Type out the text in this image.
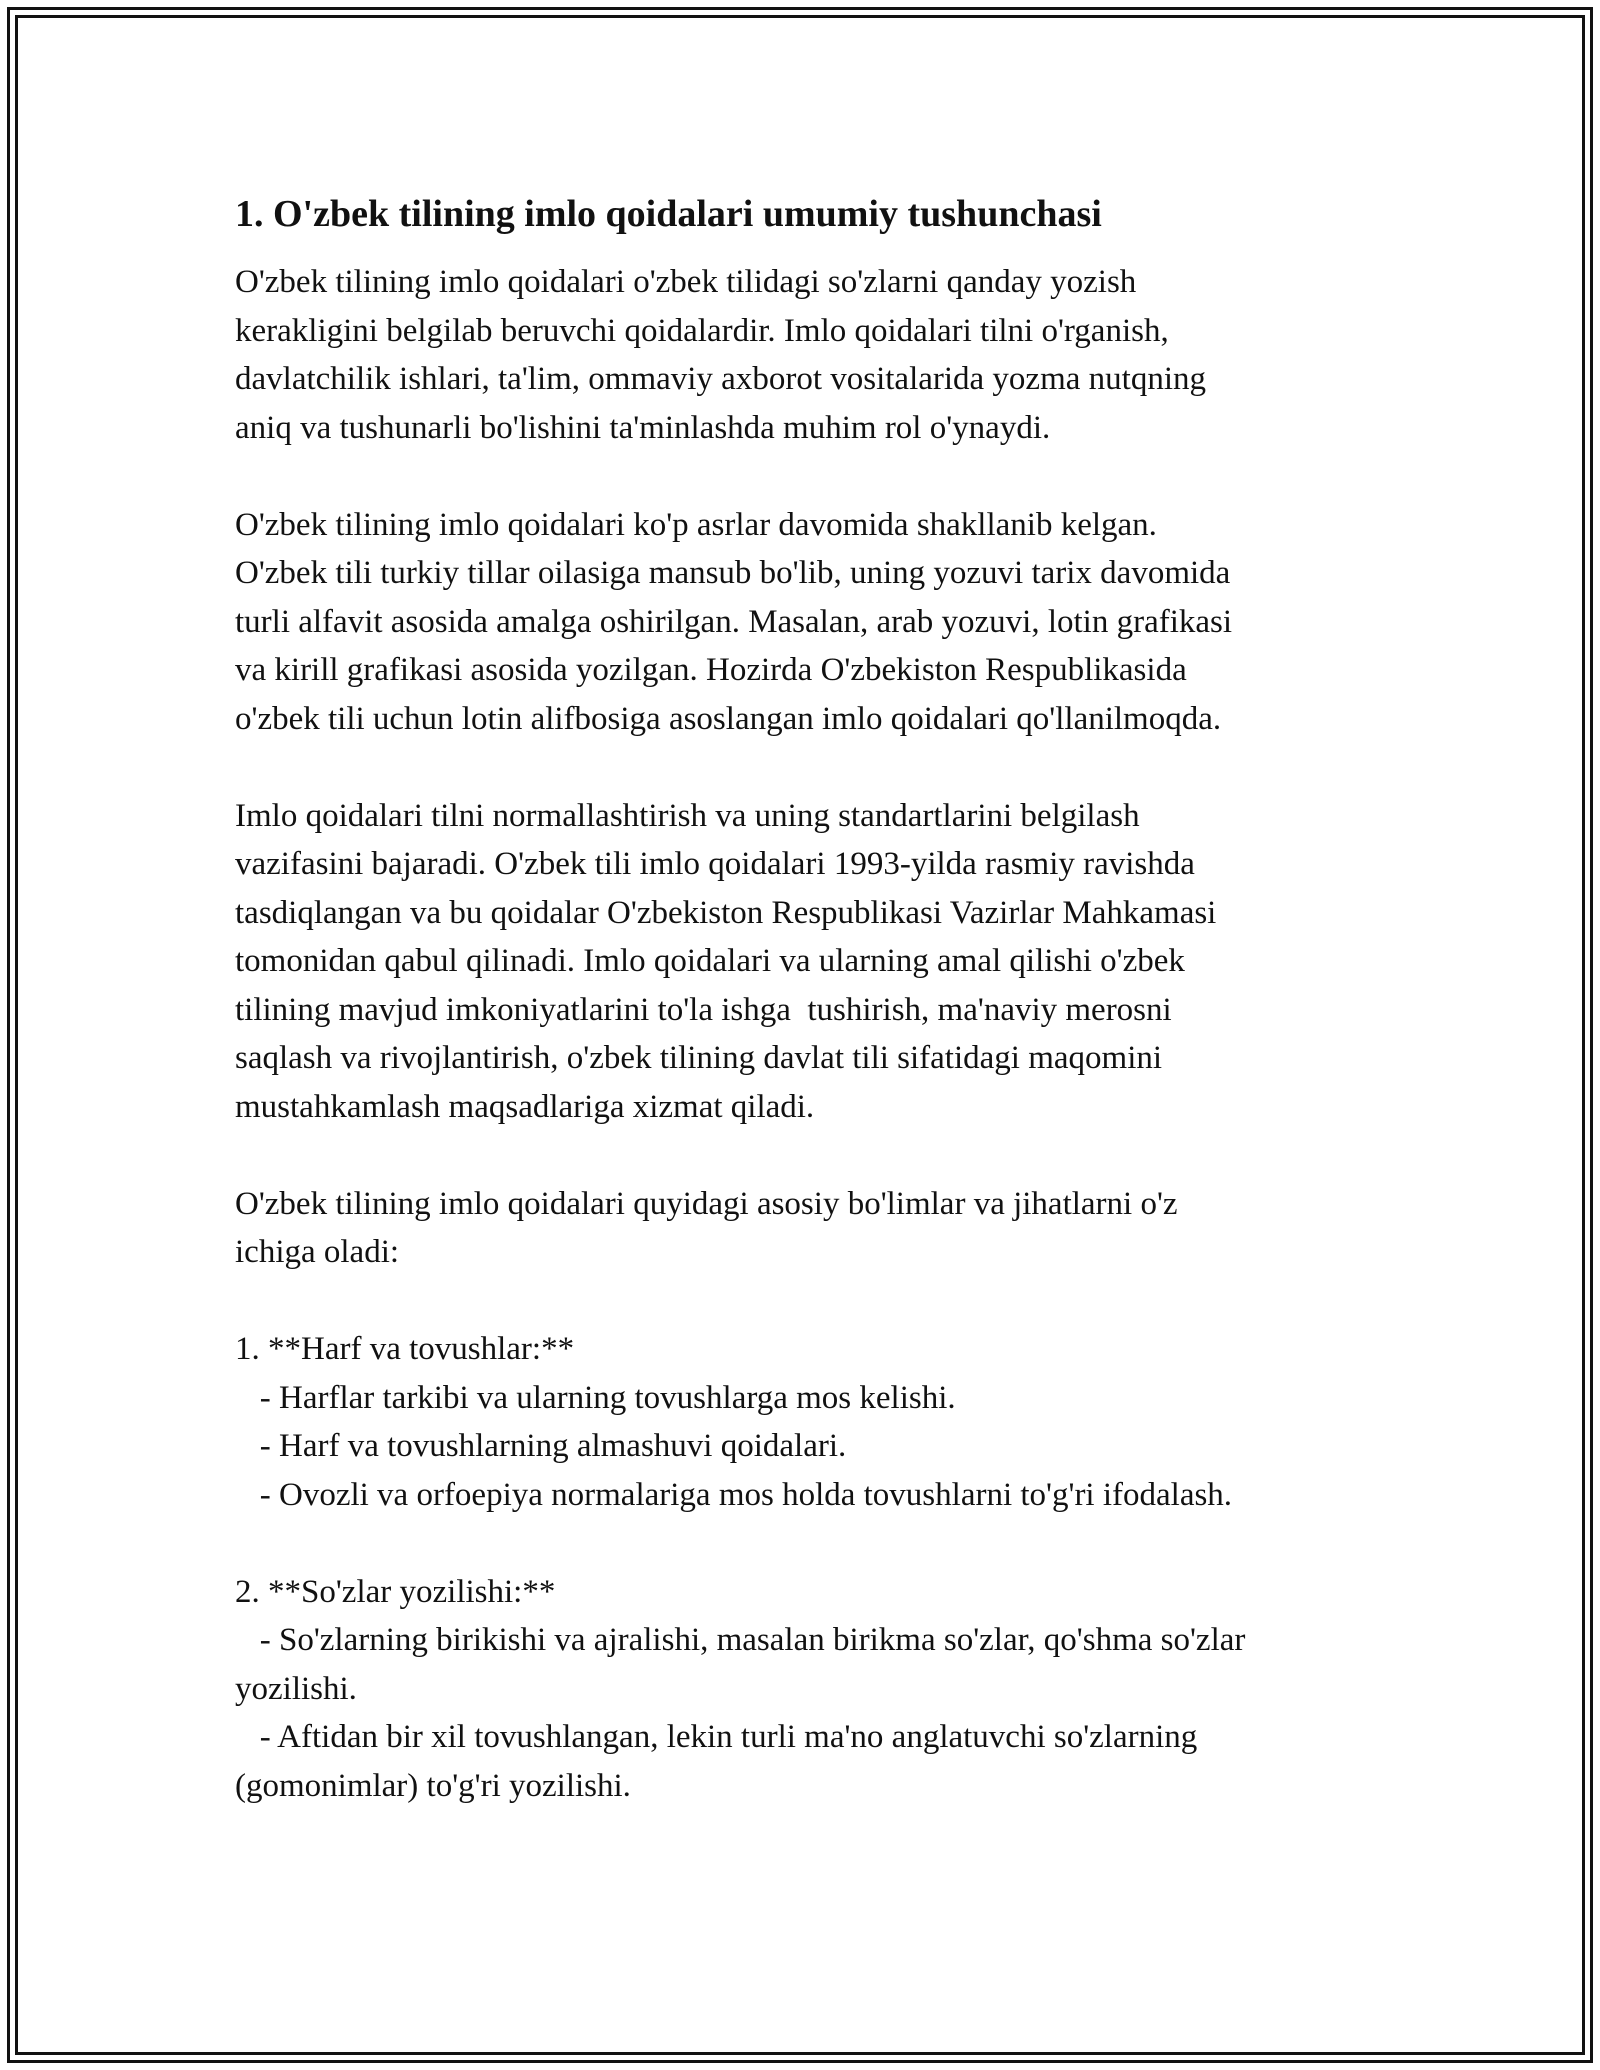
1. O'zbek tilining imlo qoidalari umumiy tushunchasi
O'zbek tilining imlo qoidalari o'zbek tilidagi so'zlarni qanday yozish
kerakligini belgilab beruvchi qoidalardir. Imlo qoidalari tilni o'rganish,
davlatchilik ishlari, ta'lim, ommaviy axborot vositalarida yozma nutqning
aniq va tushunarli bo'lishini ta'minlashda muhim rol o'ynaydi.
O'zbek tilining imlo qoidalari ko'p asrlar davomida shakllanib kelgan.
O'zbek tili turkiy tillar oilasiga mansub bo'lib, uning yozuvi tarix davomida
turli alfavit asosida amalga oshirilgan. Masalan, arab yozuvi, lotin grafikasi
va kirill grafikasi asosida yozilgan. Hozirda O'zbekiston Respublikasida
o'zbek tili uchun lotin alifbosiga asoslangan imlo qoidalari qo'llanilmoqda.
Imlo qoidalari tilni normallashtirish va uning standartlarini belgilash
vazifasini bajaradi. O'zbek tili imlo qoidalari 1993-yilda rasmiy ravishda
tasdiqlangan va bu qoidalar O'zbekiston Respublikasi Vazirlar Mahkamasi
tomonidan qabul qilinadi. Imlo qoidalari va ularning amal qilishi o'zbek
tilining mavjud imkoniyatlarini to'la ishga  tushirish, ma'naviy merosni
saqlash va rivojlantirish, o'zbek tilining davlat tili sifatidagi maqomini
mustahkamlash maqsadlariga xizmat qiladi.
O'zbek tilining imlo qoidalari quyidagi asosiy bo'limlar va jihatlarni o'z
ichiga oladi:
1. **Harf va tovushlar:**
- Harflar tarkibi va ularning tovushlarga mos kelishi.
- Harf va tovushlarning almashuvi qoidalari.
- Ovozli va orfoepiya normalariga mos holda tovushlarni to'g'ri ifodalash.
2. **So'zlar yozilishi:**
- So'zlarning birikishi va ajralishi, masalan birikma so'zlar, qo'shma so'zlar
yozilishi.
- Aftidan bir xil tovushlangan, lekin turli ma'no anglatuvchi so'zlarning
(gomonimlar) to'g'ri yozilishi.
